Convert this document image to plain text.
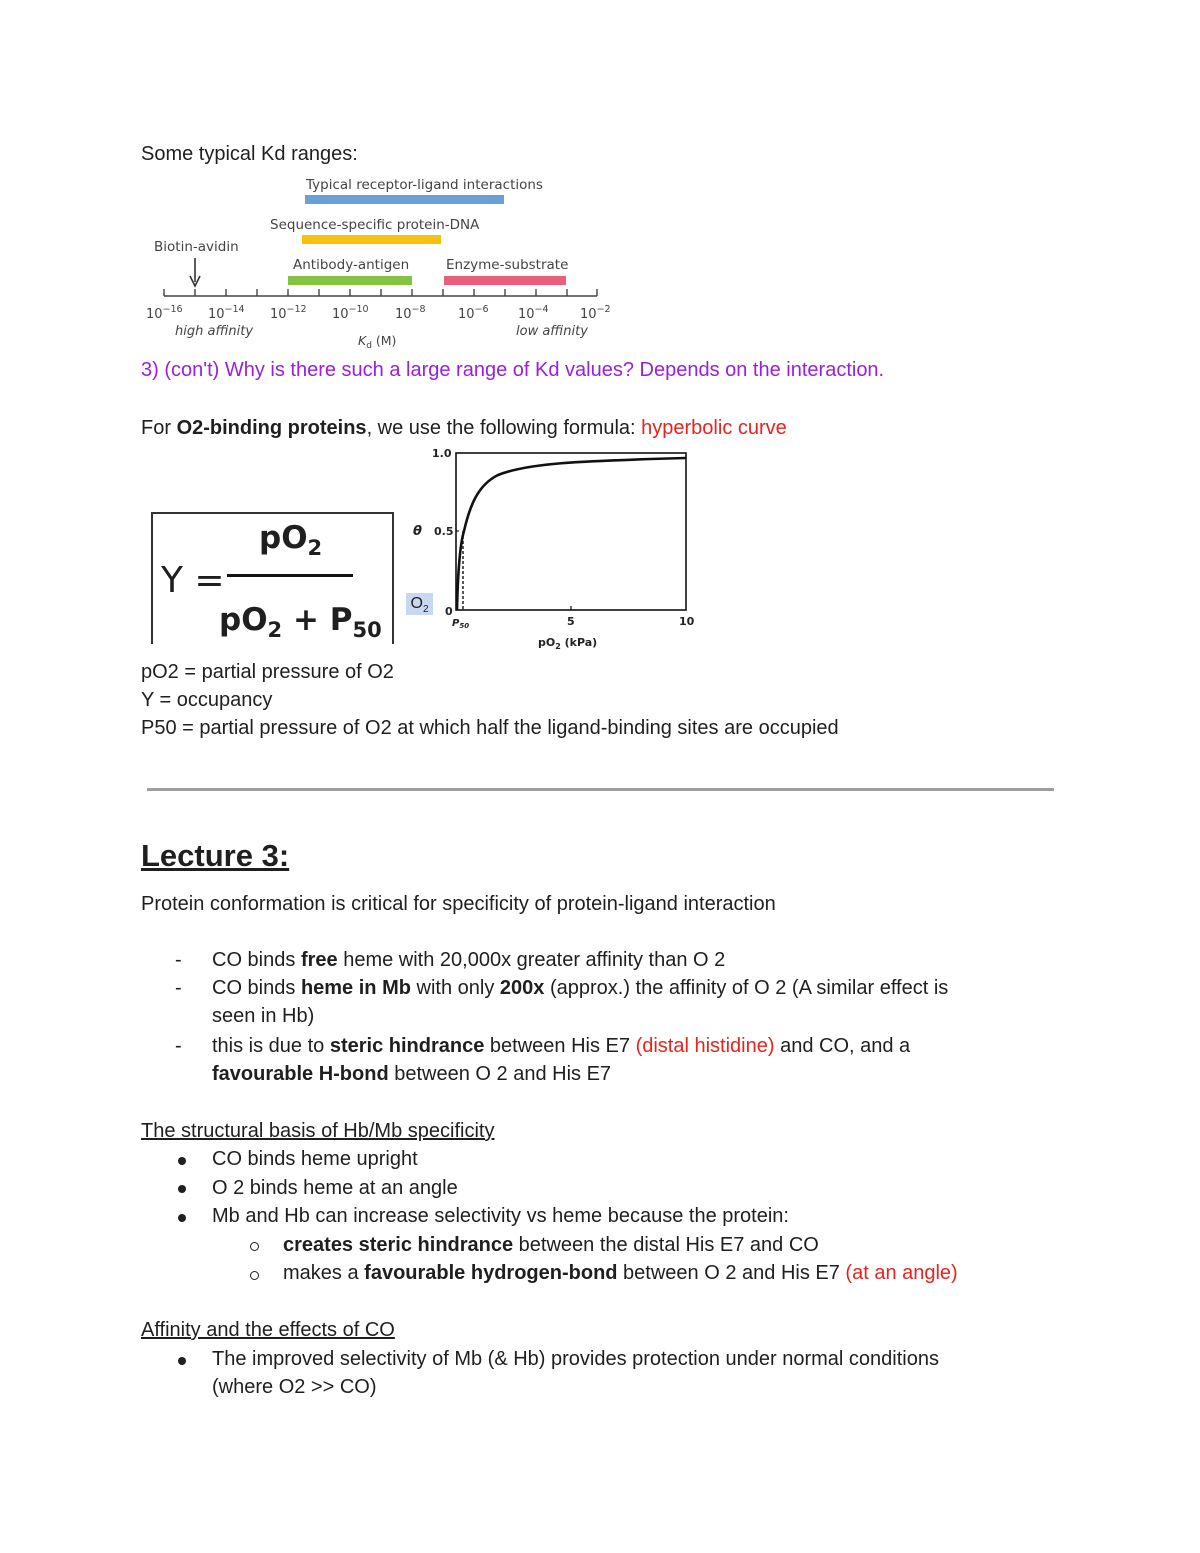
Some typical Kd ranges:
Typical receptor-ligand interactions
Sequence-specific protein-DNA
Antibody-antigen	Enzyme-substrate
Biotin-avidin
$10^{-16}$ $10^{-14}$ $10^{-12}$ $10^{-10}$ $10^{-8}$ $10^{-6}$ $10^{-4}$ $10^{-2}$
high affinity	low affinity
$K_d$ (M)
3) (con't) Why is there such a large range of Kd values? Depends on the interaction.
For O2-binding proteins, we use the following formula: hyperbolic curve
Y =
$pO_2$
$pO_2 + P_{50}$
$O_2$
1.0
0.5
θ
0
$P_{50}$	5	10
$pO_2$ (kPa)
pO2 = partial pressure of O2
Y = occupancy
P50 = partial pressure of O2 at which half the ligand-binding sites are occupied
Lecture 3:
Protein conformation is critical for specificity of protein-ligand interaction
- CO binds free heme with 20,000x greater affinity than O 2
- CO binds heme in Mb with only 200x (approx.) the affinity of O 2 (A similar effect is
seen in Hb)
- this is due to steric hindrance between His E7 (distal histidine) and CO, and a
favourable H-bond between O 2 and His E7
The structural basis of Hb/Mb specificity
CO binds heme upright
O 2 binds heme at an angle
Mb and Hb can increase selectivity vs heme because the protein:
creates steric hindrance between the distal His E7 and CO
makes a favourable hydrogen-bond between O 2 and His E7 (at an angle)
Affinity and the effects of CO
The improved selectivity of Mb (& Hb) provides protection under normal conditions
(where O2 >> CO)
